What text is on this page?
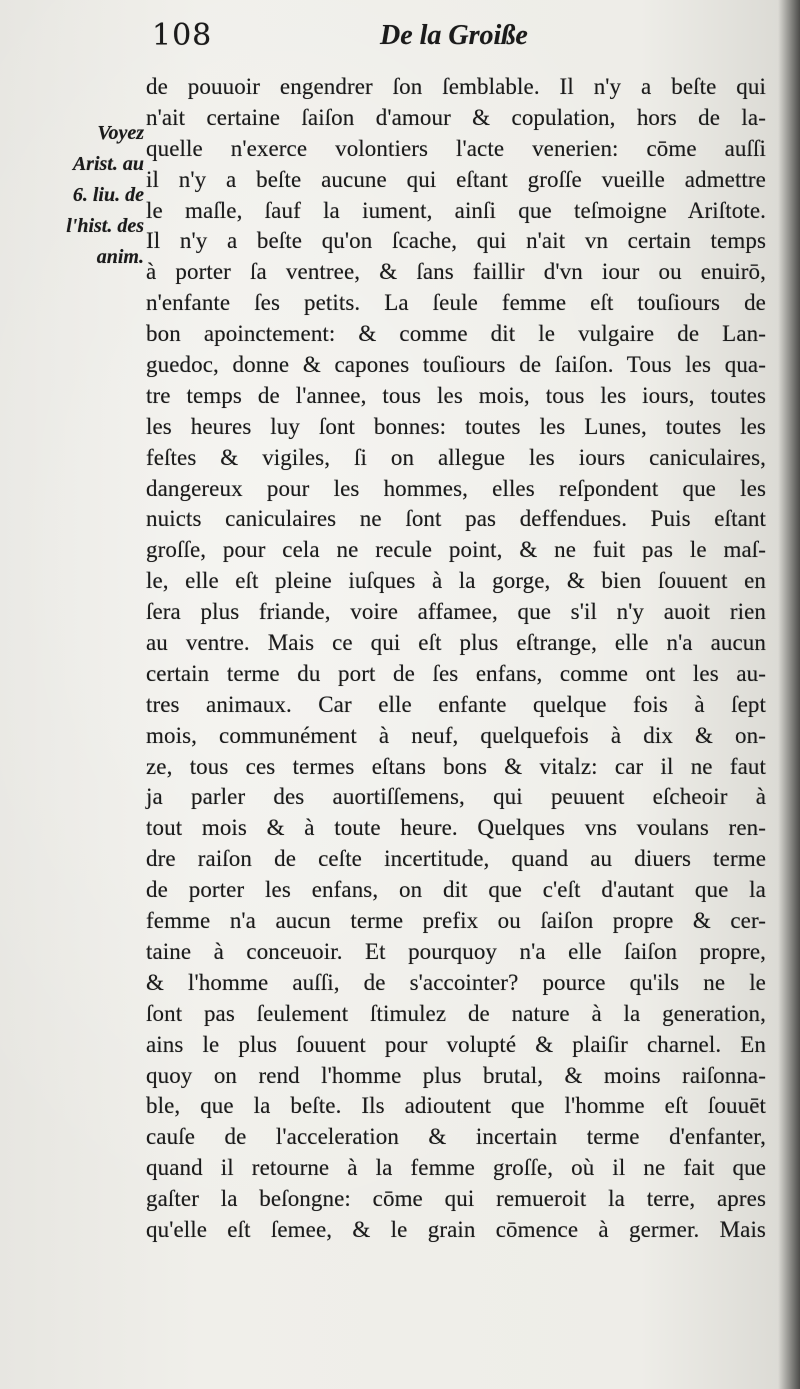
108	De la Groiße
Voyez
Arist. au
6. liu. de
l'hist. des
anim.
de pouuoir engendrer ſon ſemblable. Il n'y a beſte qui
n'ait certaine ſaiſon d'amour & copulation, hors de la-
quelle n'exerce volontiers l'acte venerien: cōme auſſi
il n'y a beſte aucune qui eſtant groſſe vueille admettre
le maſle, ſauf la iument, ainſi que teſmoigne Ariſtote.
Il n'y a beſte qu'on ſcache, qui n'ait vn certain temps
à porter ſa ventree, & ſans faillir d'vn iour ou enuirō,
n'enfante ſes petits. La ſeule femme eſt touſiours de
bon apoinctement: & comme dit le vulgaire de Lan-
guedoc, donne & capones touſiours de ſaiſon. Tous les qua-
tre temps de l'annee, tous les mois, tous les iours, toutes
les heures luy ſont bonnes: toutes les Lunes, toutes les
feſtes & vigiles, ſi on allegue les iours caniculaires,
dangereux pour les hommes, elles reſpondent que les
nuicts caniculaires ne ſont pas deffendues. Puis eſtant
groſſe, pour cela ne recule point, & ne fuit pas le maſ-
le, elle eſt pleine iuſques à la gorge, & bien ſouuent en
ſera plus friande, voire affamee, que s'il n'y auoit rien
au ventre. Mais ce qui eſt plus eſtrange, elle n'a aucun
certain terme du port de ſes enfans, comme ont les au-
tres animaux. Car elle enfante quelque fois à ſept
mois, communément à neuf, quelquefois à dix & on-
ze, tous ces termes eſtans bons & vitalz: car il ne faut
ja parler des auortiſſemens, qui peuuent eſcheoir à
tout mois & à toute heure. Quelques vns voulans ren-
dre raiſon de ceſte incertitude, quand au diuers terme
de porter les enfans, on dit que c'eſt d'autant que la
femme n'a aucun terme prefix ou ſaiſon propre & cer-
taine à conceuoir. Et pourquoy n'a elle ſaiſon propre,
& l'homme auſſi, de s'accointer? pource qu'ils ne le
ſont pas ſeulement ſtimulez de nature à la generation,
ains le plus ſouuent pour volupté & plaiſir charnel. En
quoy on rend l'homme plus brutal, & moins raiſonna-
ble, que la beſte. Ils adioutent que l'homme eſt ſouuēt
cauſe de l'acceleration & incertain terme d'enfanter,
quand il retourne à la femme groſſe, où il ne fait que
gaſter la beſongne: cōme qui remueroit la terre, apres
qu'elle eſt ſemee, & le grain cōmence à germer. Mais
